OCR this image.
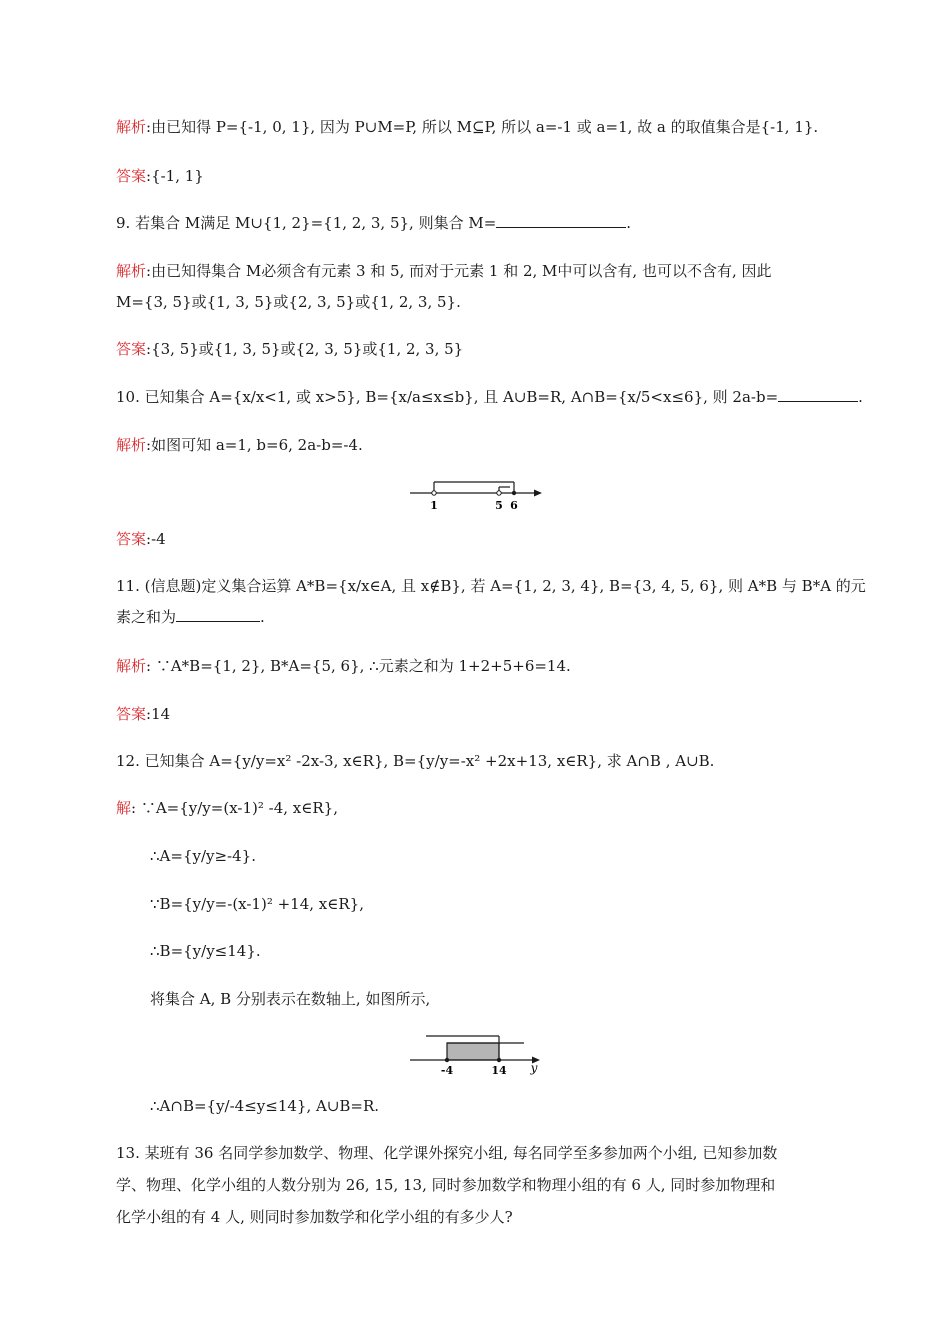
解析:由已知得 P={-1, 0, 1}, 因为 P∪M=P, 所以 M⊆P, 所以 a=-1 或 a=1, 故 a 的取值集合是{-1, 1}.
答案:{-1, 1}
9. 若集合 M满足 M∪{1, 2}={1, 2, 3, 5}, 则集合 M=	.
解析:由已知得集合 M必须含有元素 3 和 5, 而对于元素 1 和 2, M中可以含有, 也可以不含有, 因此
M={3, 5}或{1, 3, 5}或{2, 3, 5}或{1, 2, 3, 5}.
答案:{3, 5}或{1, 3, 5}或{2, 3, 5}或{1, 2, 3, 5}
10. 已知集合 A={x/x<1, 或 x>5}, B={x/a≤x≤b}, 且 A∪B=R, A∩B={x/5<x≤6}, 则 2a-b=	.
解析:如图可知 a=1, b=6, 2a-b=-4.
1	5 6
答案:-4
11. (信息题)定义集合运算 A*B={x/x∈A, 且 x∉B}, 若 A={1, 2, 3, 4}, B={3, 4, 5, 6}, 则 A*B 与 B*A 的元
素之和为	.
解析: ∵A*B={1, 2}, B*A={5, 6}, ∴元素之和为 1+2+5+6=14.
答案:14
12. 已知集合 A={y/y=x² -2x-3, x∈R}, B={y/y=-x² +2x+13, x∈R}, 求 A∩B , A∪B.
解: ∵A={y/y=(x-1)² -4, x∈R},
∴A={y/y≥-4}.
∵B={y/y=-(x-1)² +14, x∈R},
∴B={y/y≤14}.
将集合 A, B 分别表示在数轴上, 如图所示,
-4	14 y
∴A∩B={y/-4≤y≤14}, A∪B=R.
13. 某班有 36 名同学参加数学、物理、化学课外探究小组, 每名同学至多参加两个小组, 已知参加数
学、物理、化学小组的人数分别为 26, 15, 13, 同时参加数学和物理小组的有 6 人, 同时参加物理和
化学小组的有 4 人, 则同时参加数学和化学小组的有多少人?
